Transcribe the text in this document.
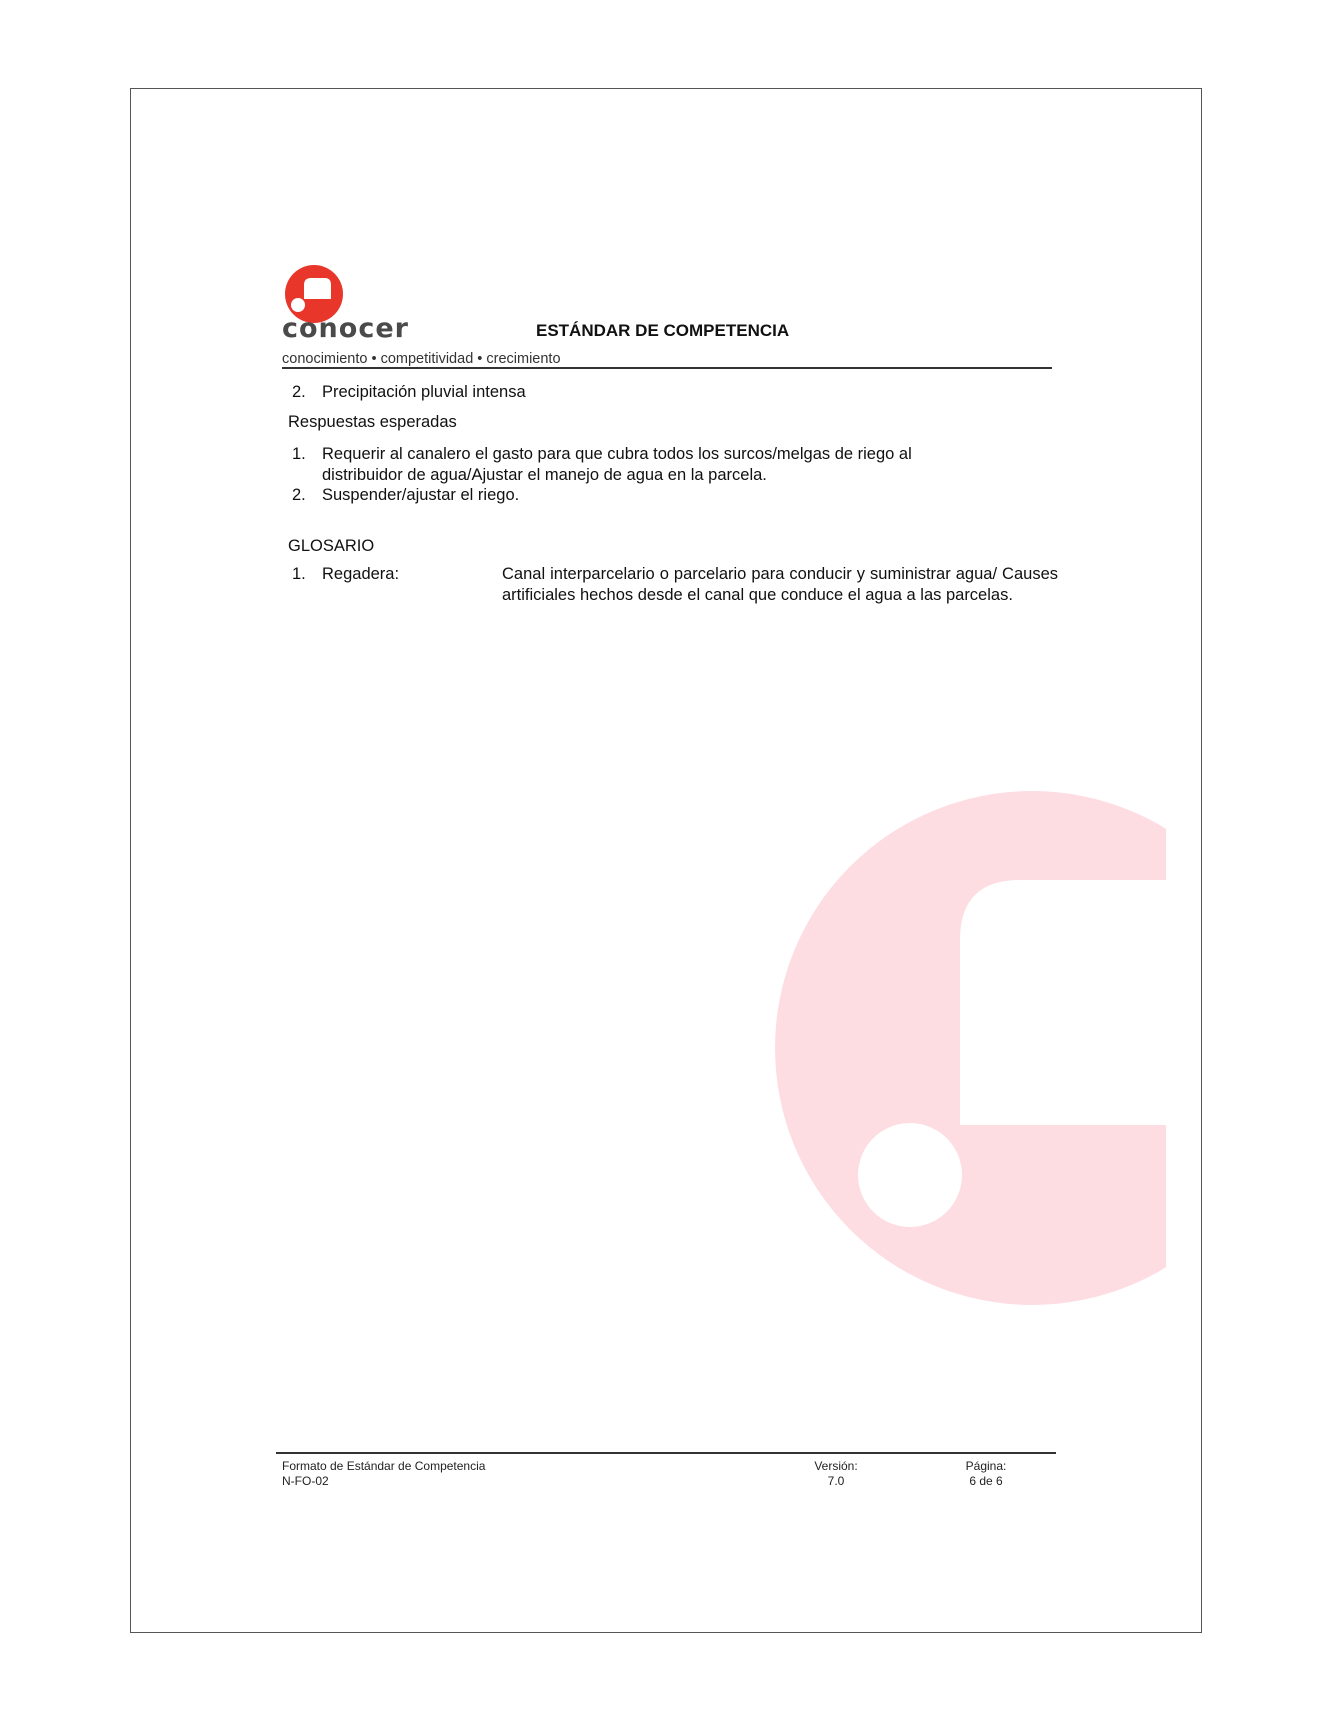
conocer
conocimiento • competitividad • crecimiento
ESTÁNDAR DE COMPETENCIA
2. Precipitación pluvial intensa
Respuestas esperadas
1. Requerir al canalero el gasto para que cubra todos los surcos/melgas de riego al
distribuidor de agua/Ajustar el manejo de agua en la parcela.
2. Suspender/ajustar el riego.
GLOSARIO
1. Regadera:	Canal interparcelario o parcelario para conducir y suministrar agua/ Causes artificiales hechos desde el canal que conduce el agua a las parcelas.
Formato de Estándar de Competencia
N-FO-02
Versión:
7.0
Página:
6 de 6
